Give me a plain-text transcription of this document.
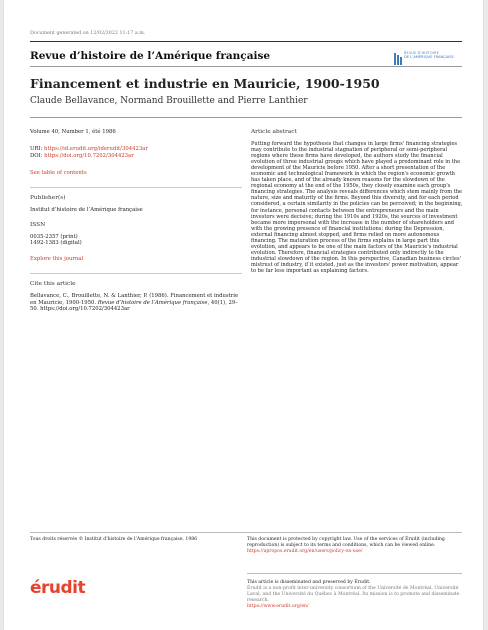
Document generated on 12/02/2022 11:17 a.m.
Revue d’histoire de l’Amérique française	REVUE D’HISTOIRE
DE L’AMÉRIQUE FRANÇAISE
Financement et industrie en Mauricie, 1900-1950
Claude Bellavance, Normand Brouillette and Pierre Lanthier
Volume 40, Number 1, été 1986
URI: https://id.erudit.org/iderudit/304423ar
DOI: https://doi.org/10.7202/304423ar
See table of contents
Publisher(s)
Institut d’histoire de l’Amérique française
ISSN
0035-2357 (print)
1492-1383 (digital)
Explore this journal
Cite this article
Bellavance, C., Brouillette, N. & Lanthier, P. (1986). Financement et industrie en Mauricie, 1900-1950. Revue d’histoire de l’Amérique française, 40(1), 29–50. https://doi.org/10.7202/304423ar
Article abstract
Putting forward the hypothesis that changes in large firms' financing strategies may contribute to the industrial stagnation of peripheral or semi-peripheral regions where these firms have developed, the authors study the financial evolution of three industrial groups which have played a predominant role in the development of the Mauricie before 1950. After a short presentation of the economic and technological framework in which the region's economic growth has taken place, and of the already known reasons for the slowdown of the regional economy at the end of the 1950s, they closely examine each group's financing strategies. The analysis reveals differences which stem mainly from the nature, size and maturity of the firms. Beyond this diversity, and for each period considered, a certain similarity in the policies can be perceived; in the beginning, for instance, personal contacts between the entrepreneurs and the main investors were decisive; during the 1910s and 1920s, the sources of investment became more impersonal with the increase in the number of shareholders and with the growing presence of financial institutions; during the Depression, external financing almost stopped, and firms relied on more autonomous financing. The maturation process of the firms explains in large part this evolution, and appears to be one of the main factors of the Mauricie's industrial evolution. Therefore, financial strategies contributed only indirectly to the industrial slowdown of the region. In this perspective, Canadian business circles' mistrust of industry, if it existed, just as the investors' power motivation, appear to be far less important as explaining factors.
Tous droits réservés © Institut d’histoire de l’Amérique française, 1986	This document is protected by copyright law. Use of the services of Érudit (including reproduction) is subject to its terms and conditions, which can be viewed online.
https://apropos.erudit.org/en/users/policy-on-use/
érudit	This article is disseminated and preserved by Érudit.
Érudit is a non-profit inter-university consortium of the Université de Montréal, Université Laval, and the Université du Québec à Montréal. Its mission is to promote and disseminate research.
https://www.erudit.org/en/
